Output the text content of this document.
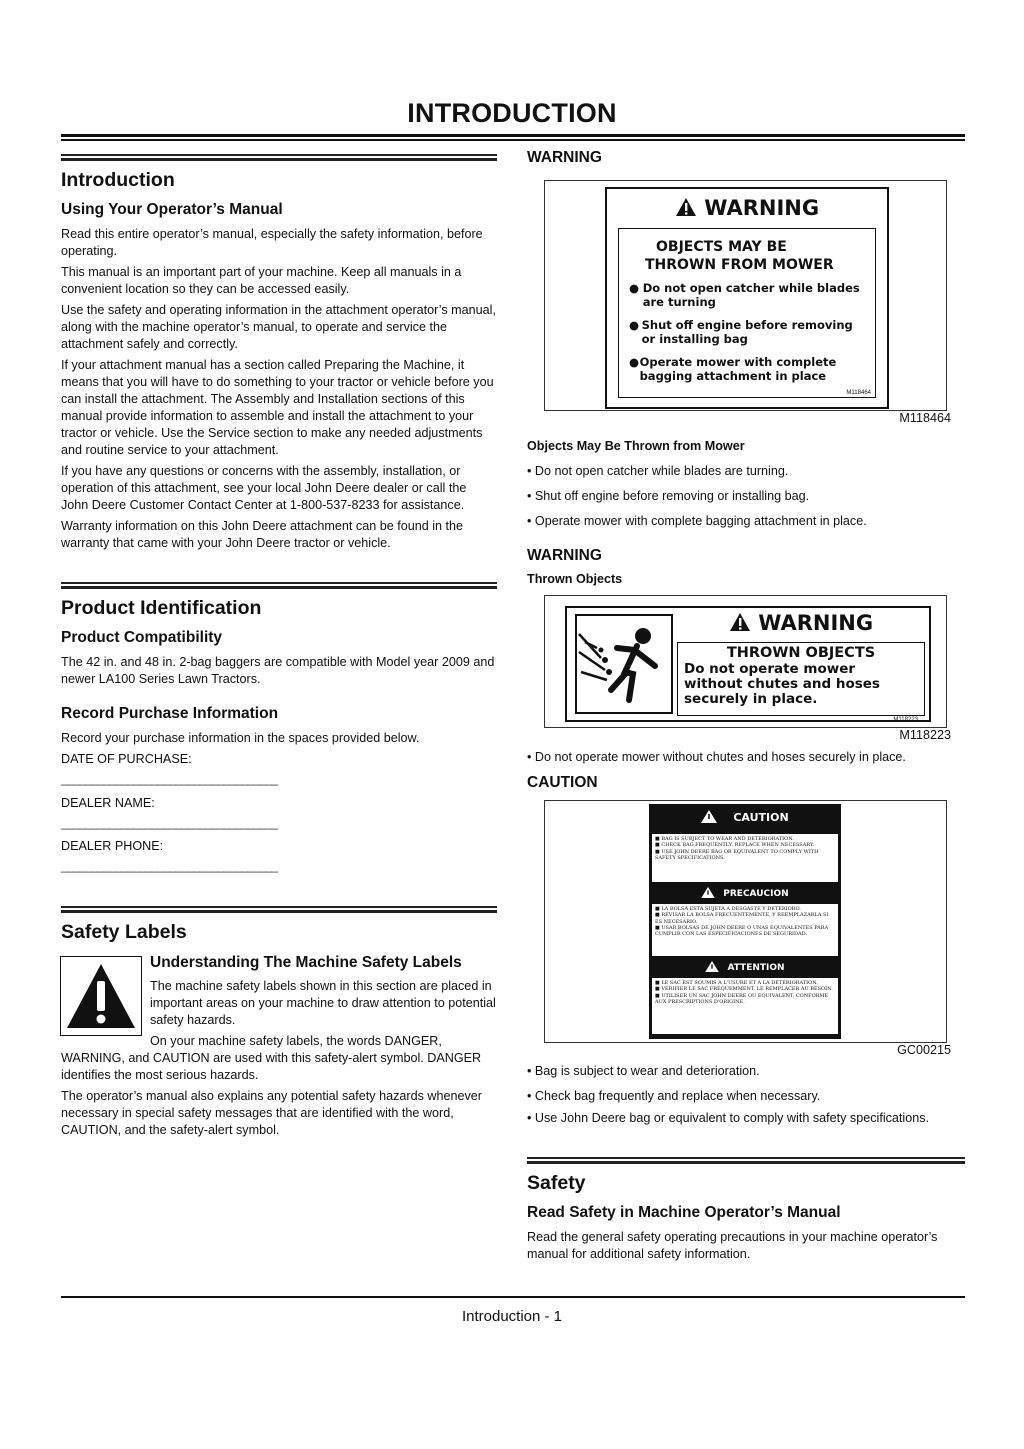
INTRODUCTION
Introduction
Using Your Operator’s Manual

Read this entire operator’s manual, especially the safety information, before operating.

This manual is an important part of your machine. Keep all manuals in a convenient location so they can be accessed easily.

Use the safety and operating information in the attachment operator’s manual, along with the machine operator’s manual, to operate and service the attachment safely and correctly.

If your attachment manual has a section called Preparing the Machine, it means that you will have to do something to your tractor or vehicle before you can install the attachment. The Assembly and Installation sections of this manual provide information to assemble and install the attachment to your tractor or vehicle. Use the Service section to make any needed adjustments and routine service to your attachment.

If you have any questions or concerns with the assembly, installation, or operation of this attachment, see your local John Deere dealer or call the John Deere Customer Contact Center at 1-800-537-8233 for assistance.

Warranty information on this John Deere attachment can be found in the warranty that came with your John Deere tractor or vehicle.

Product Identification
Product Compatibility
The 42 in. and 48 in. 2-bag baggers are compatible with Model year 2009 and newer LA100 Series Lawn Tractors.
Record Purchase Information
Record your purchase information in the spaces provided below.
DATE OF PURCHASE:
____________________________________
DEALER NAME:
____________________________________
DEALER PHONE:
____________________________________
Safety Labels
Understanding The Machine Safety Labels
The machine safety labels shown in this section are placed in important areas on your machine to draw attention to potential safety hazards.

On your machine safety labels, the words DANGER, WARNING, and CAUTION are used with this safety-alert symbol. DANGER identifies the most serious hazards.

The operator’s manual also explains any potential safety hazards whenever necessary in special safety messages that are identified with the word, CAUTION, and the safety-alert symbol.

WARNING
WARNING
OBJECTS MAY BE
THROWN FROM MOWER
● Do not open catcher while blades are turning
● Shut off engine before removing or installing bag
● Operate mower with complete bagging attachment in place
M118464
M118464
Objects May Be Thrown from Mower
• Do not open catcher while blades are turning.
• Shut off engine before removing or installing bag.
• Operate mower with complete bagging attachment in place.
WARNING
Thrown Objects
WARNING
THROWN OBJECTS
Do not operate mower
without chutes and hoses
securely in place.
M118223
M118223
• Do not operate mower without chutes and hoses securely in place.
CAUTION
CAUTION
■ BAG IS SUBJECT TO WEAR AND DETERIORATION.
■ CHECK BAG FREQUENTLY, REPLACE WHEN NECESSARY.
■ USE JOHN DEERE BAG OR EQUIVALENT TO COMPLY WITH SAFETY SPECIFICATIONS.
PRECAUCION
■ LA BOLSA ESTA SUJETA A DESGASTE Y DETERIORO.
■ REVISAR LA BOLSA FRECUENTEMENTE, Y REEMPLAZARLA SI ES NECESARIO.
■ USAR BOLSAS DE JOHN DEERE O UNAS EQUIVALENTES PARA CUMPLIR CON LAS ESPECIFICACIONES DE SEGURIDAD.
ATTENTION
■ LE SAC EST SOUMIS A L'USURE ET A LA DÉTÉRIORATION.
■ VÉRIFIER LE SAC FRÉQUEMMENT, LE REMPLACER AU BESOIN.
■ UTILISER UN SAC JOHN DEERE OU ÉQUIVALENT, CONFORME AUX PRESCRIPTIONS D'ORIGINE.
GC00215
• Bag is subject to wear and deterioration.
• Check bag frequently and replace when necessary.
• Use John Deere bag or equivalent to comply with safety specifications.
Safety
Read Safety in Machine Operator’s Manual
Read the general safety operating precautions in your machine operator’s manual for additional safety information.
Introduction - 1
